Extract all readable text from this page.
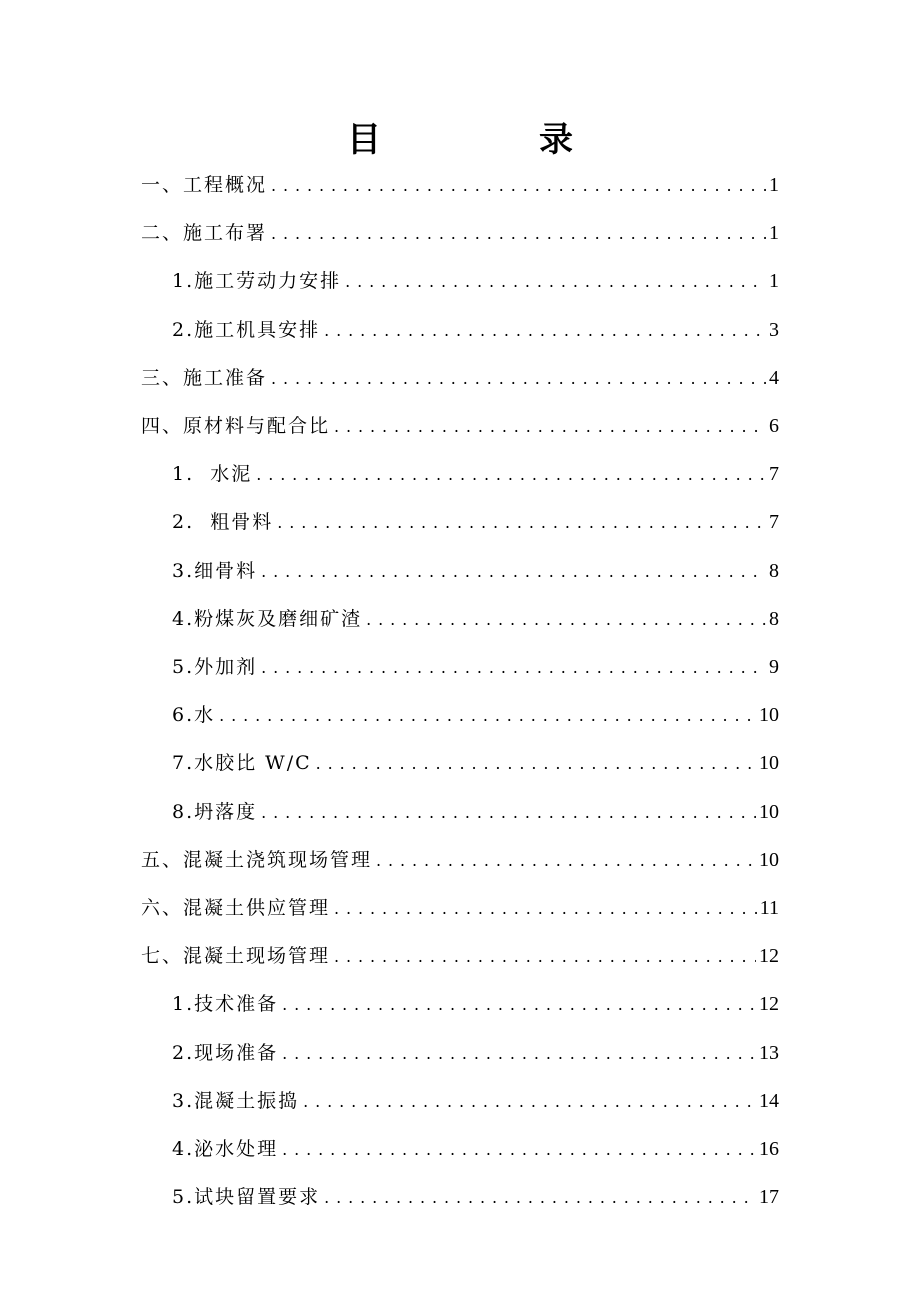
目　录
一、工程概况 .....	1
二、施工布署 .....	1
1.施工劳动力安排 .....	1
2.施工机具安排 .....	3
三、施工准备 .....	4
四、原材料与配合比 .....	6
1.  水泥 .....	7
2.  粗骨料 .....	7
3.细骨料 .....	8
4.粉煤灰及磨细矿渣 .....	8
5.外加剂 .....	9
6.水 .....	10
7.水胶比 W/C .....	10
8.坍落度 .....	10
五、混凝土浇筑现场管理 .....	10
六、混凝土供应管理 .....	11
七、混凝土现场管理 .....	12
1.技术准备 .....	12
2.现场准备 .....	13
3.混凝土振捣 .....	14
4.泌水处理 .....	16
5.试块留置要求 .....	17
